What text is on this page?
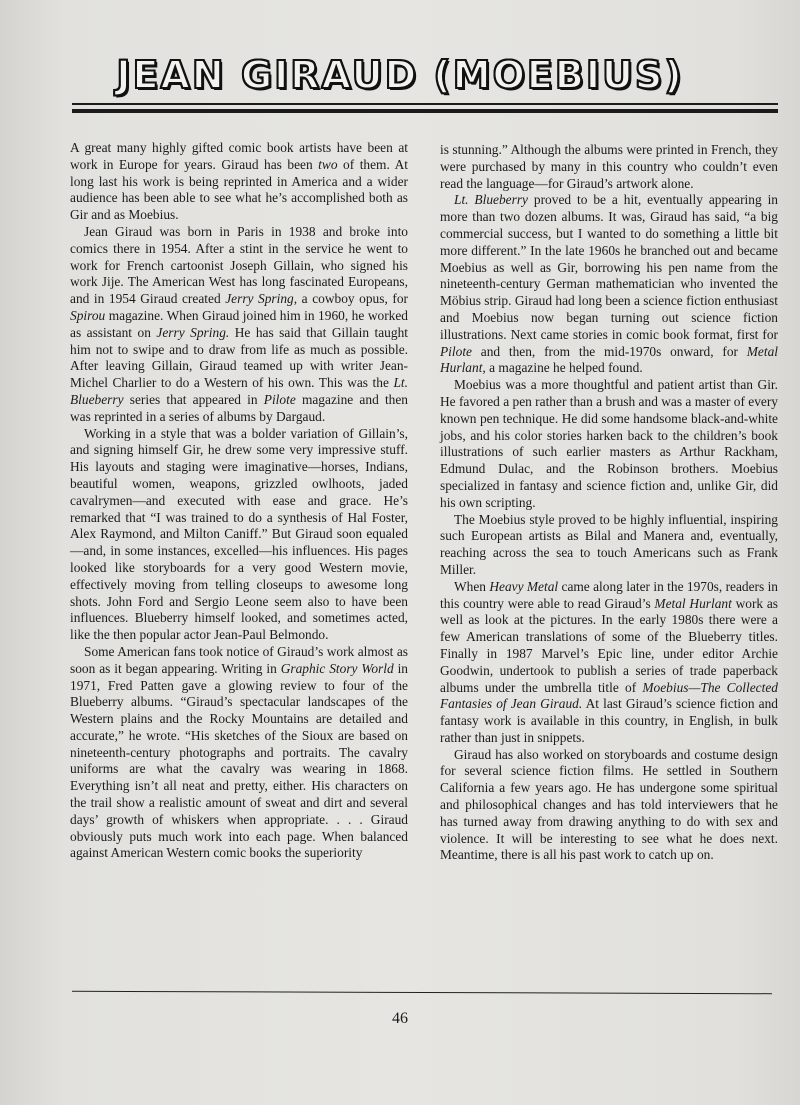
JEAN GIRAUD (MOEBIUS)

A great many highly gifted comic book artists have been at work in Europe for years. Giraud has been two of them. At long last his work is being reprinted in America and a wider audience has been able to see what he’s accomplished both as Gir and as Moebius.

Jean Giraud was born in Paris in 1938 and broke into comics there in 1954. After a stint in the service he went to work for French cartoonist Joseph Gillain, who signed his work Jije. The American West has long fascinated Europeans, and in 1954 Giraud created Jerry Spring, a cowboy opus, for Spirou magazine. When Giraud joined him in 1960, he worked as assistant on Jerry Spring. He has said that Gillain taught him not to swipe and to draw from life as much as possible. After leaving Gillain, Giraud teamed up with writer Jean-Michel Charlier to do a Western of his own. This was the Lt. Blueberry series that appeared in Pilote magazine and then was reprinted in a series of albums by Dargaud.

Working in a style that was a bolder variation of Gillain’s, and signing himself Gir, he drew some very impressive stuff. His layouts and staging were imaginative—horses, Indians, beautiful women, weapons, grizzled owlhoots, jaded cavalrymen—and executed with ease and grace. He’s remarked that “I was trained to do a synthesis of Hal Foster, Alex Raymond, and Milton Caniff.” But Giraud soon equaled—and, in some instances, excelled—his influences. His pages looked like storyboards for a very good Western movie, effectively moving from telling closeups to awesome long shots. John Ford and Sergio Leone seem also to have been influences. Blueberry himself looked, and sometimes acted, like the then popular actor Jean-Paul Belmondo.

Some American fans took notice of Giraud’s work almost as soon as it began appearing. Writing in Graphic Story World in 1971, Fred Patten gave a glowing review to four of the Blueberry albums. “Giraud’s spectacular landscapes of the Western plains and the Rocky Mountains are detailed and accurate,” he wrote. “His sketches of the Sioux are based on nineteenth-century photographs and portraits. The cavalry uniforms are what the cavalry was wearing in 1868. Everything isn’t all neat and pretty, either. His characters on the trail show a realistic amount of sweat and dirt and several days’ growth of whiskers when appropriate. . . . Giraud obviously puts much work into each page. When balanced against American Western comic books the superiority

is stunning.” Although the albums were printed in French, they were purchased by many in this country who couldn’t even read the language—for Giraud’s artwork alone.

Lt. Blueberry proved to be a hit, eventually appearing in more than two dozen albums. It was, Giraud has said, “a big commercial success, but I wanted to do something a little bit more different.” In the late 1960s he branched out and became Moebius as well as Gir, borrowing his pen name from the nineteenth-century German mathematician who invented the Möbius strip. Giraud had long been a science fiction enthusiast and Moebius now began turning out science fiction illustrations. Next came stories in comic book format, first for Pilote and then, from the mid-1970s onward, for Metal Hurlant, a magazine he helped found.

Moebius was a more thoughtful and patient artist than Gir. He favored a pen rather than a brush and was a master of every known pen technique. He did some handsome black-and-white jobs, and his color stories harken back to the children’s book illustrations of such earlier masters as Arthur Rackham, Edmund Dulac, and the Robinson brothers. Moebius specialized in fantasy and science fiction and, unlike Gir, did his own scripting.

The Moebius style proved to be highly influential, inspiring such European artists as Bilal and Manera and, eventually, reaching across the sea to touch Americans such as Frank Miller.

When Heavy Metal came along later in the 1970s, readers in this country were able to read Giraud’s Metal Hurlant work as well as look at the pictures. In the early 1980s there were a few American translations of some of the Blueberry titles. Finally in 1987 Marvel’s Epic line, under editor Archie Goodwin, undertook to publish a series of trade paperback albums under the umbrella title of Moebius—The Collected Fantasies of Jean Giraud. At last Giraud’s science fiction and fantasy work is available in this country, in English, in bulk rather than just in snippets.

Giraud has also worked on storyboards and costume design for several science fiction films. He settled in Southern California a few years ago. He has undergone some spiritual and philosophical changes and has told interviewers that he has turned away from drawing anything to do with sex and violence. It will be interesting to see what he does next. Meantime, there is all his past work to catch up on.

46
